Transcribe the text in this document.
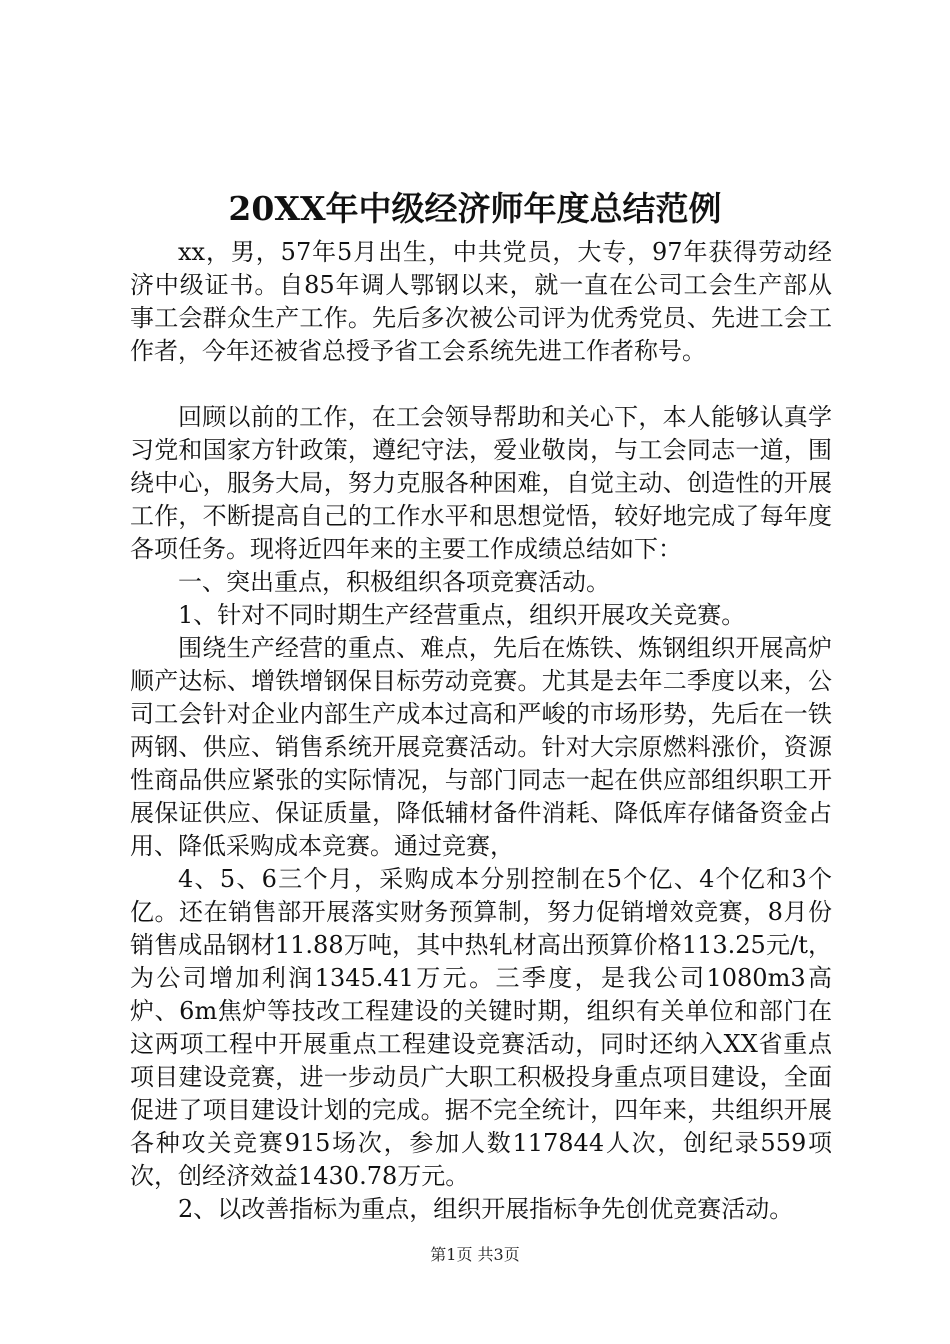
20XX年中级经济师年度总结范例

xx，男，57年5月出生，中共党员，大专，97年获得劳动经济中级证书。自85年调人鄂钢以来，就一直在公司工会生产部从事工会群众生产工作。先后多次被公司评为优秀党员、先进工会工作者，今年还被省总授予省工会系统先进工作者称号。

回顾以前的工作，在工会领导帮助和关心下，本人能够认真学习党和国家方针政策，遵纪守法，爱业敬岗，与工会同志一道，围绕中心，服务大局，努力克服各种困难，自觉主动、创造性的开展工作，不断提高自己的工作水平和思想觉悟，较好地完成了每年度各项任务。现将近四年来的主要工作成绩总结如下：

一、突出重点，积极组织各项竞赛活动。

1、针对不同时期生产经营重点，组织开展攻关竞赛。

围绕生产经营的重点、难点，先后在炼铁、炼钢组织开展高炉顺产达标、增铁增钢保目标劳动竞赛。尤其是去年二季度以来，公司工会针对企业内部生产成本过高和严峻的市场形势，先后在一铁两钢、供应、销售系统开展竞赛活动。针对大宗原燃料涨价，资源性商品供应紧张的实际情况，与部门同志一起在供应部组织职工开展保证供应、保证质量，降低辅材备件消耗、降低库存储备资金占用、降低采购成本竞赛。通过竞赛，

4、5、6三个月，采购成本分别控制在5个亿、4个亿和3个亿。还在销售部开展落实财务预算制，努力促销增效竞赛，8月份销售成品钢材11.88万吨，其中热轧材高出预算价格113.25元/t，为公司增加利润1345.41万元。三季度，是我公司1080m3高炉、6m焦炉等技改工程建设的关键时期，组织有关单位和部门在这两项工程中开展重点工程建设竞赛活动，同时还纳入XX省重点项目建设竞赛，进一步动员广大职工积极投身重点项目建设，全面促进了项目建设计划的完成。据不完全统计，四年来，共组织开展各种攻关竞赛915场次，参加人数117844人次，创纪录559项次，创经济效益1430.78万元。

2、以改善指标为重点，组织开展指标争先创优竞赛活动。

第1页 共3页
